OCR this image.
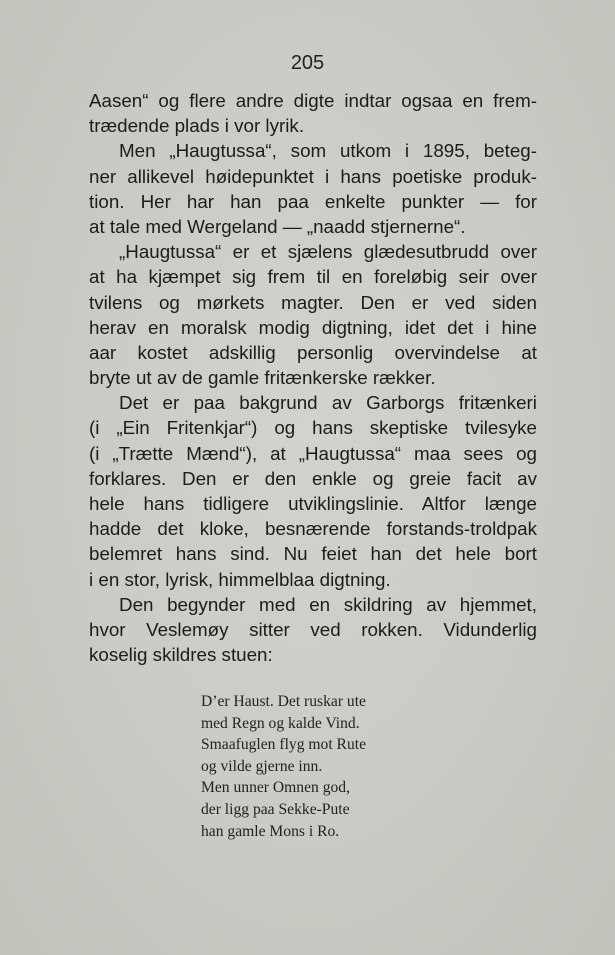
205
Aasen“ og flere andre digte indtar ogsaa en frem-
trædende plads i vor lyrik.
Men „Haugtussa“, som utkom i 1895, beteg-
ner allikevel høidepunktet i hans poetiske produk-
tion. Her har han paa enkelte punkter — for
at tale med Wergeland — „naadd stjernerne“.
„Haugtussa“ er et sjælens glædesutbrudd over
at ha kjæmpet sig frem til en foreløbig seir over
tvilens og mørkets magter. Den er ved siden
herav en moralsk modig digtning, idet det i hine
aar kostet adskillig personlig overvindelse at
bryte ut av de gamle fritænkerske rækker.
Det er paa bakgrund av Garborgs fritænkeri
(i „Ein Fritenkjar“) og hans skeptiske tvilesyke
(i „Trætte Mænd“), at „Haugtussa“ maa sees og
forklares. Den er den enkle og greie facit av
hele hans tidligere utviklingslinie. Altfor længe
hadde det kloke, besnærende forstands-troldpak
belemret hans sind. Nu feiet han det hele bort
i en stor, lyrisk, himmelblaa digtning.
Den begynder med en skildring av hjemmet,
hvor Veslemøy sitter ved rokken. Vidunderlig
koselig skildres stuen:
D’er Haust. Det ruskar ute
med Regn og kalde Vind.
Smaafuglen flyg mot Rute
og vilde gjerne inn.
Men unner Omnen god,
der ligg paa Sekke-Pute
han gamle Mons i Ro.
